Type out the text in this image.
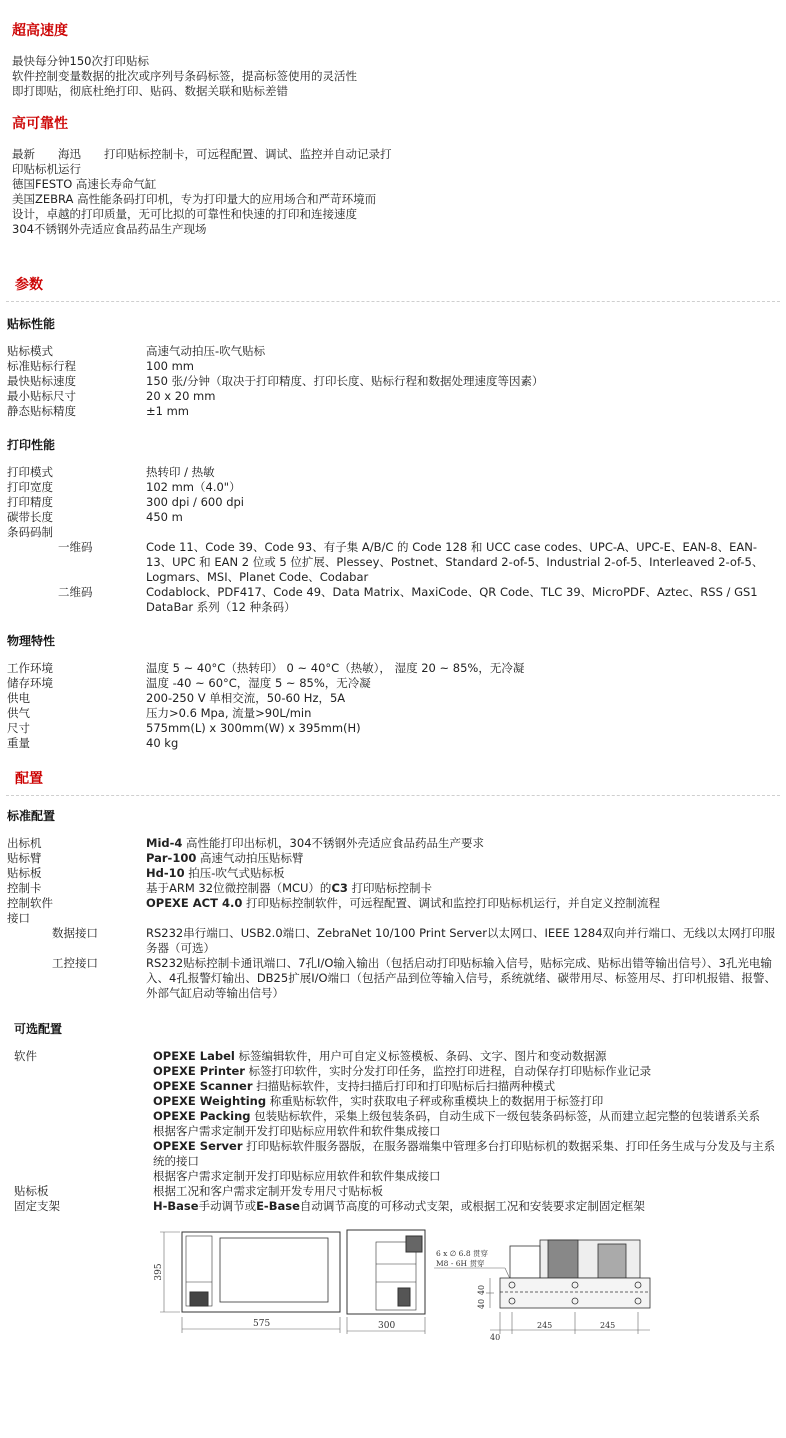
超高速度
最快每分钟150次打印贴标
软件控制变量数据的批次或序列号条码标签，提高标签使用的灵活性
即打即贴，彻底杜绝打印、贴码、数据关联和贴标差错
高可靠性
最新　　海迅　　打印贴标控制卡，可远程配置、调试、监控并自动记录打
印贴标机运行
德国FESTO 高速长寿命气缸
美国ZEBRA 高性能条码打印机，专为打印量大的应用场合和严苛环境而
设计，卓越的打印质量，无可比拟的可靠性和快速的打印和连接速度
304不锈钢外壳适应食品药品生产现场
参数
贴标性能
贴标模式	高速气动拍压-吹气贴标
标准贴标行程	100 mm
最快贴标速度	150 张/分钟（取决于打印精度、打印长度、贴标行程和数据处理速度等因素）
最小贴标尺寸	20 x 20 mm
静态贴标精度	±1 mm
打印性能
打印模式	热转印 / 热敏
打印宽度	102 mm（4.0"）
打印精度	300 dpi / 600 dpi
碳带长度	450 m
条码码制
一维码	Code 11、Code 39、Code 93、有子集 A/B/C 的 Code 128 和 UCC case codes、UPC-A、UPC-E、EAN-8、EAN-13、UPC 和 EAN 2 位或 5 位扩展、Plessey、Postnet、Standard 2-of-5、Industrial 2-of-5、Interleaved 2-of-5、Logmars、MSI、Planet Code、Codabar
二维码	Codablock、PDF417、Code 49、Data Matrix、MaxiCode、QR Code、TLC 39、MicroPDF、Aztec、RSS / GS1 DataBar 系列（12 种条码）
物理特性
工作环境	温度 5 ~ 40°C（热转印） 0 ~ 40°C（热敏）， 湿度 20 ~ 85%，无冷凝
储存环境	温度 -40 ~ 60°C，湿度 5 ~ 85%，无冷凝
供电	200-250 V 单相交流，50-60 Hz，5A
供气	压力>0.6 Mpa, 流量>90L/min
尺寸	575mm(L) x 300mm(W) x 395mm(H)
重量	40 kg
配置
标准配置
出标机	Mid-4 高性能打印出标机，304不锈钢外壳适应食品药品生产要求
贴标臂	Par-100 高速气动拍压贴标臂
贴标板	Hd-10 拍压-吹气式贴标板
控制卡	基于ARM 32位微控制器（MCU）的C3 打印贴标控制卡
控制软件	OPEXE ACT 4.0 打印贴标控制软件，可远程配置、调试和监控打印贴标机运行，并自定义控制流程
接口
数据接口	RS232串行端口、USB2.0端口、ZebraNet 10/100 Print Server以太网口、IEEE 1284双向并行端口、无线以太网打印服务器（可选）
工控接口	RS232贴标控制卡通讯端口、7孔I/O输入输出（包括启动打印贴标输入信号，贴标完成、贴标出错等输出信号）、3孔光电输入、4孔报警灯输出、DB25扩展I/O端口（包括产品到位等输入信号，系统就绪、碳带用尽、标签用尽、打印机报错、报警、外部气缸启动等输出信号）
可选配置
软件	OPEXE Label 标签编辑软件，用户可自定义标签模板、条码、文字、图片和变动数据源
OPEXE Printer 标签打印软件，实时分发打印任务，监控打印进程，自动保存打印贴标作业记录
OPEXE Scanner 扫描贴标软件，支持扫描后打印和打印贴标后扫描两种模式
OPEXE Weighting 称重贴标软件，实时获取电子秤或称重模块上的数据用于标签打印
OPEXE Packing 包装贴标软件，采集上级包装条码，自动生成下一级包装条码标签，从而建立起完整的包装谱系关系
根据客户需求定制开发打印贴标应用软件和软件集成接口
OPEXE Server 打印贴标软件服务器版，在服务器端集中管理多台打印贴标机的数据采集、打印任务生成与分发及与主系统的接口
根据客户需求定制开发打印贴标应用软件和软件集成接口
贴标板	根据工况和客户需求定制开发专用尺寸贴标板
固定支架	H-Base手动调节或E-Base自动调节高度的可移动式支架，或根据工况和安装要求定制固定框架
395
575	300
6 x ∅ 6.8 贯穿
M8 - 6H 贯穿
40
40
40
245	245
